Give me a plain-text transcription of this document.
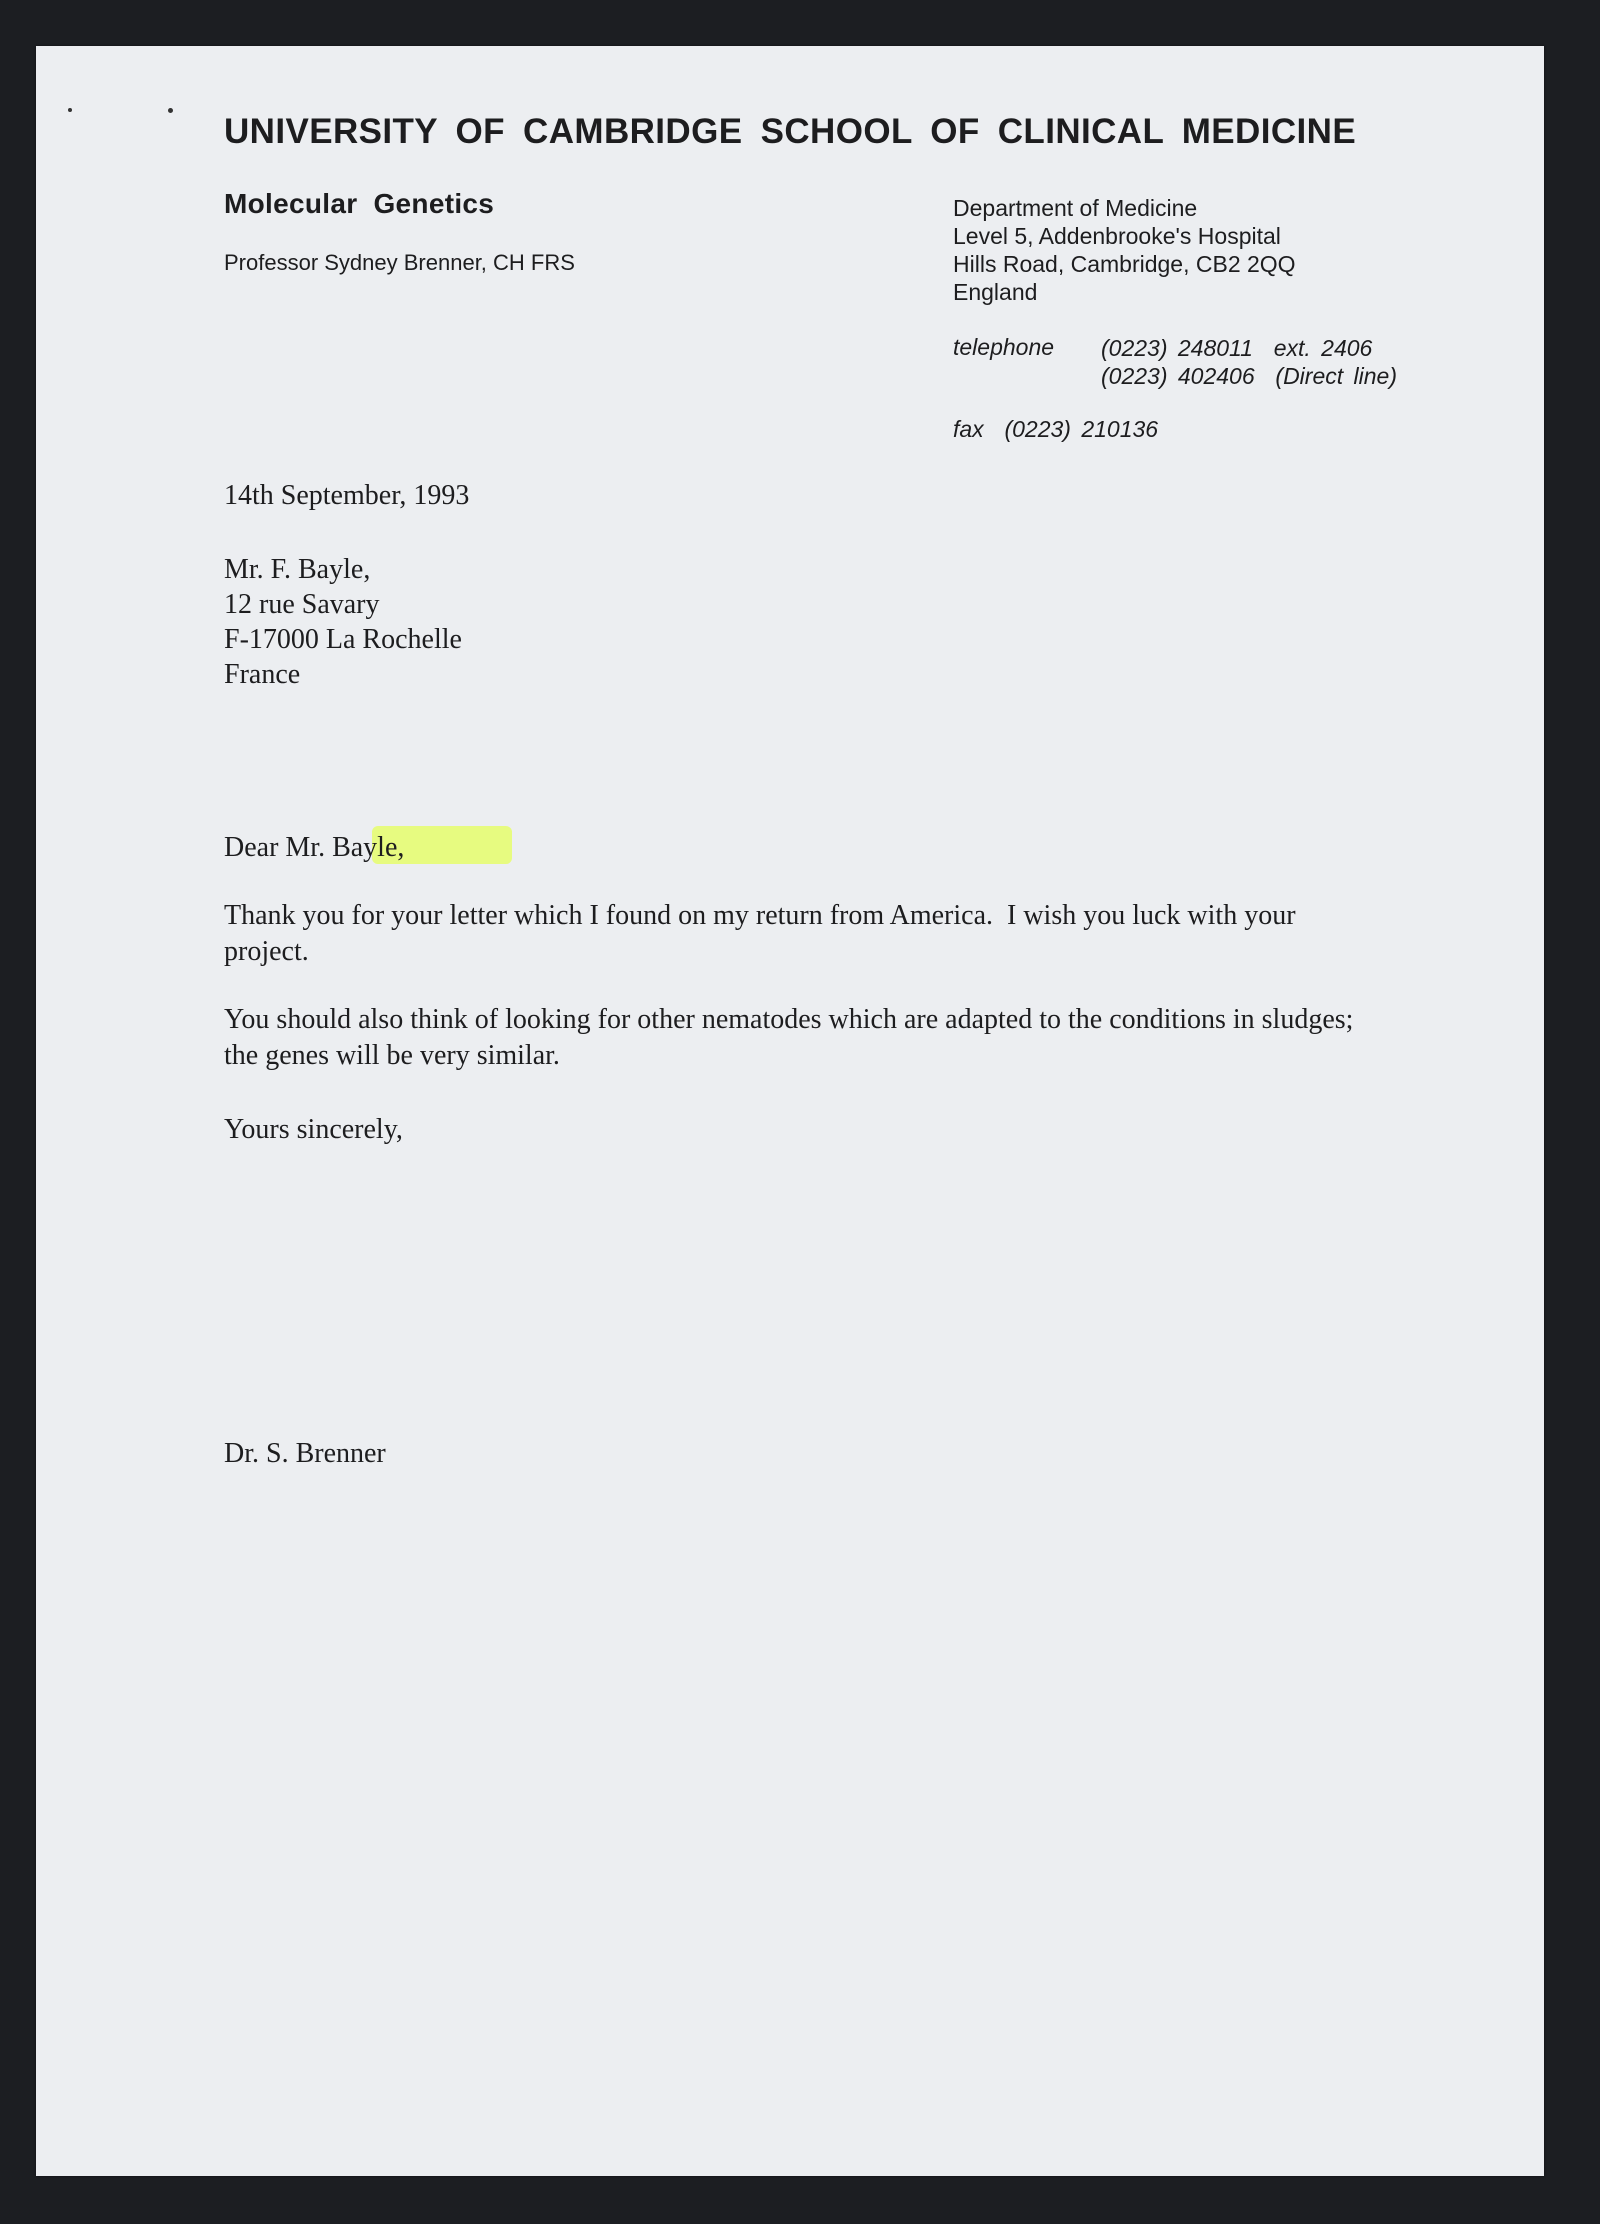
UNIVERSITY OF CAMBRIDGE SCHOOL OF CLINICAL MEDICINE
Molecular Genetics
Professor Sydney Brenner, CH FRS
Department of Medicine
Level 5, Addenbrooke's Hospital
Hills Road, Cambridge, CB2 2QQ
England
telephone (0223) 248011  ext. 2406
(0223) 402406  (Direct line)
fax  (0223) 210136
14th September, 1993
Mr. F. Bayle,
12 rue Savary
F-17000 La Rochelle
France
Dear Mr. Bayle,
Thank you for your letter which I found on my return from America.  I wish you luck with your project.
You should also think of looking for other nematodes which are adapted to the conditions in sludges; the genes will be very similar.
Yours sincerely,
Dr. S. Brenner
